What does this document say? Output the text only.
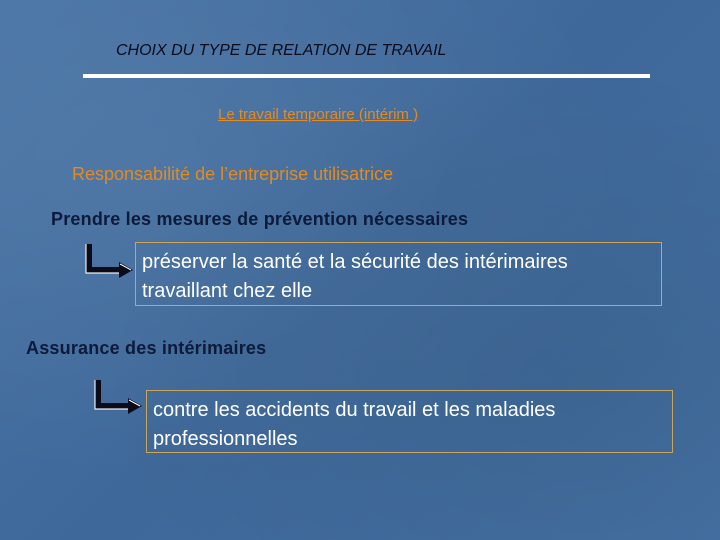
CHOIX DU TYPE DE RELATION DE TRAVAIL
Le travail temporaire (intérim )
Responsabilité de l’entreprise utilisatrice
Prendre les mesures de prévention nécessaires
préserver la santé et la sécurité des intérimaires travaillant chez elle
Assurance des intérimaires
contre les accidents du travail et les maladies professionnelles
